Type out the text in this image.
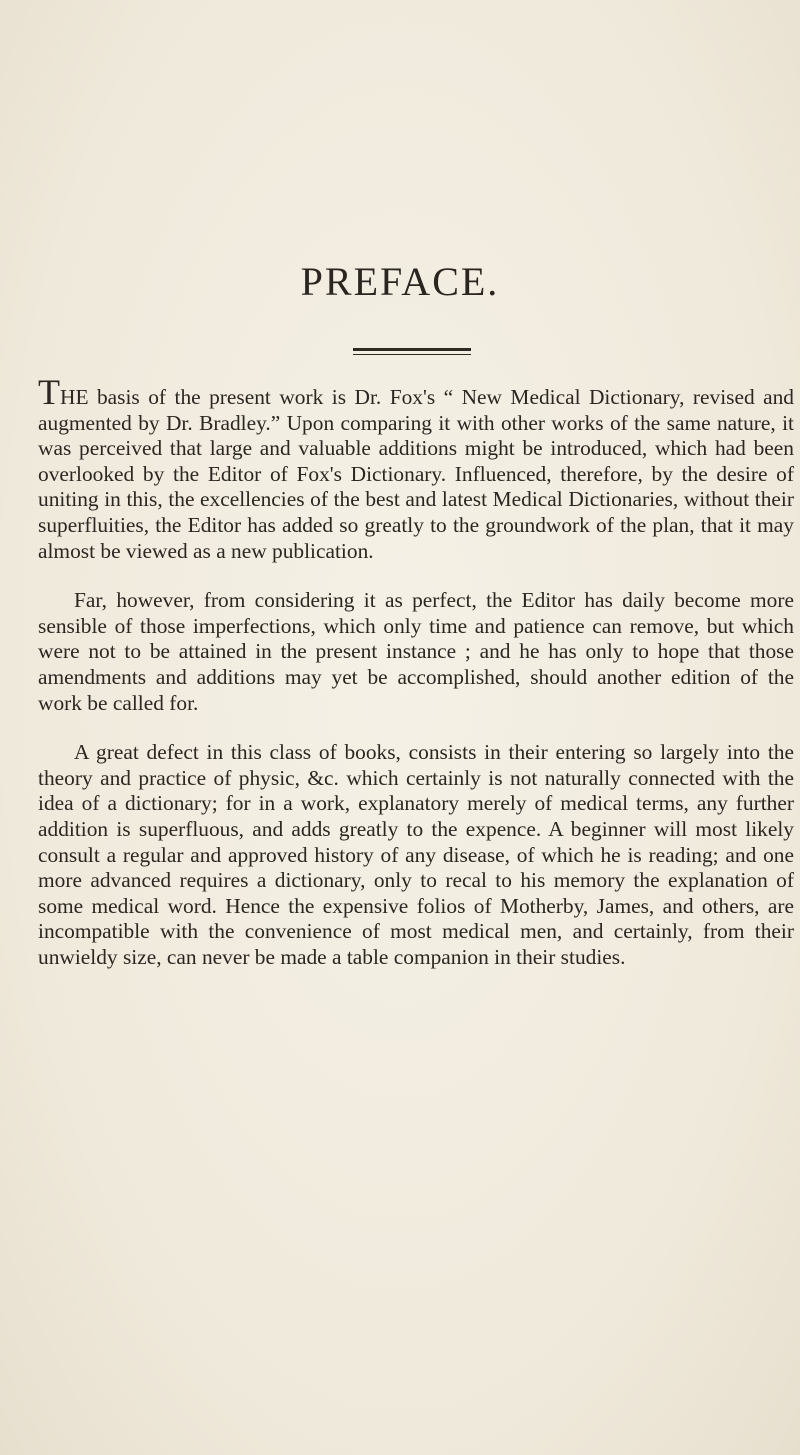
PREFACE.

THE basis of the present work is Dr. Fox's “ New Medical Dictionary, revised and augmented by Dr. Bradley.” Upon comparing it with other works of the same nature, it was perceived that large and valuable additions might be introduced, which had been overlooked by the Editor of Fox's Dictionary. Influenced, therefore, by the desire of uniting in this, the excellencies of the best and latest Medical Dictionaries, without their superfluities, the Editor has added so greatly to the groundwork of the plan, that it may almost be viewed as a new publication.

Far, however, from considering it as perfect, the Editor has daily become more sensible of those imperfections, which only time and patience can remove, but which were not to be attained in the present instance ; and he has only to hope that those amendments and additions may yet be accomplished, should another edition of the work be called for.

A great defect in this class of books, consists in their entering so largely into the theory and practice of physic, &c. which certainly is not naturally connected with the idea of a dictionary; for in a work, explanatory merely of medical terms, any further addition is superfluous, and adds greatly to the expence. A beginner will most likely consult a regular and approved history of any disease, of which he is reading; and one more advanced requires a dictionary, only to recal to his memory the explanation of some medical word. Hence the expensive folios of Motherby, James, and others, are incompatible with the convenience of most medical men, and certainly, from their unwieldy size, can never be made a table companion in their studies.
